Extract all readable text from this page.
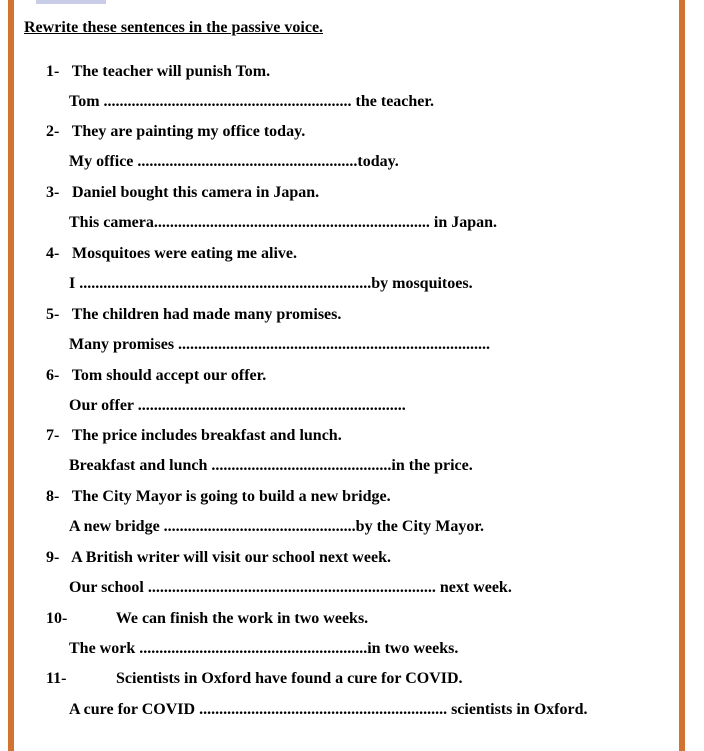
Rewrite these sentences in the passive voice.
1- The teacher will punish Tom.
Tom .............................................................. the teacher.
2- They are painting my office today.
My office .......................................................today.
3- Daniel bought this camera in Japan.
This camera..................................................................... in Japan.
4- Mosquitoes were eating me alive.
I .........................................................................by mosquitoes.
5- The children had made many promises.
Many promises ..............................................................................
6- Tom should accept our offer.
Our offer ...................................................................
7- The price includes breakfast and lunch.
Breakfast and lunch .............................................in the price.
8- The City Mayor is going to build a new bridge.
A new bridge ................................................by the City Mayor.
9- A British writer will visit our school next week.
Our school ........................................................................ next week.
10-	We can finish the work in two weeks.
The work .........................................................in two weeks.
11-	Scientists in Oxford have found a cure for COVID.
A cure for COVID .............................................................. scientists in Oxford.
